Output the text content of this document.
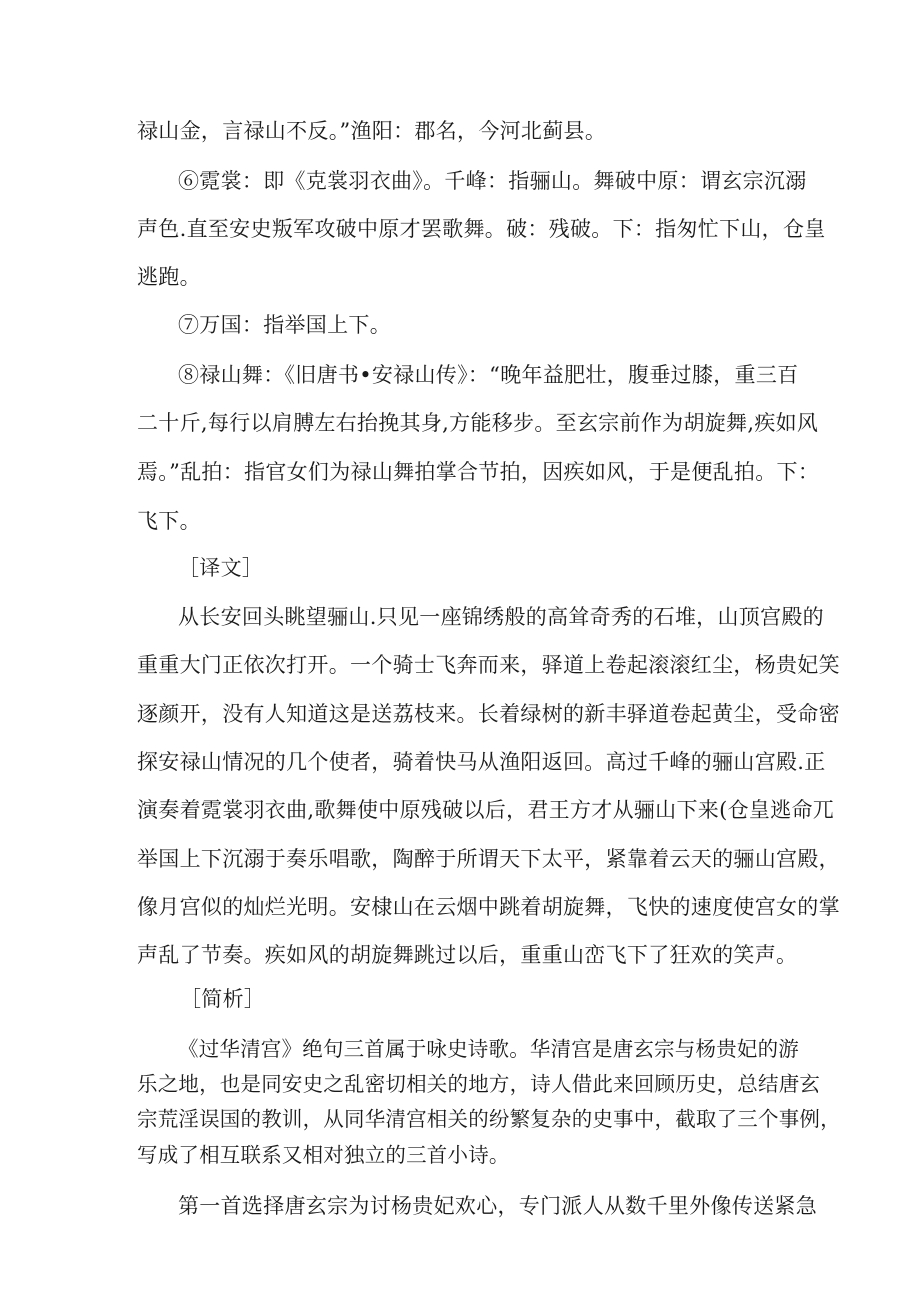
禄山金，言禄山不反。”渔阳：郡名，今河北蓟县。
⑥霓裳：即《克裳羽衣曲》。千峰：指骊山。舞破中原：谓玄宗沉溺
声色.直至安史叛军攻破中原才罢歌舞。破：残破。下：指匆忙下山，仓皇
逃跑。
⑦万国：指举国上下。
⑧禄山舞：《旧唐书•安禄山传》：“晚年益肥壮，腹垂过膝，重三百
二十斤,每行以肩膊左右抬挽其身,方能移步。至玄宗前作为胡旋舞,疾如风
焉。”乱拍：指官女们为禄山舞拍掌合节拍，因疾如风，于是便乱拍。下：
飞下。
［译文］
从长安回头眺望骊山.只见一座锦绣般的高耸奇秀的石堆，山顶宫殿的
重重大门正依次打开。一个骑士飞奔而来，驿道上卷起滚滚红尘，杨贵妃笑
逐颜开，没有人知道这是送荔枝来。长着绿树的新丰驿道卷起黄尘，受命密
探安禄山情况的几个使者，骑着快马从渔阳返回。高过千峰的骊山宫殿.正
演奏着霓裳羽衣曲,歌舞使中原残破以后，君王方才从骊山下来(仓皇逃命兀
举国上下沉溺于奏乐唱歌，陶醉于所谓天下太平，紧靠着云天的骊山宫殿，
像月宫似的灿烂光明。安棣山在云烟中跳着胡旋舞，飞快的速度使宫女的掌
声乱了节奏。疾如风的胡旋舞跳过以后，重重山峦飞下了狂欢的笑声。
［简析］
《过华清宫》绝句三首属于咏史诗歌。华清宫是唐玄宗与杨贵妃的游
乐之地，也是同安史之乱密切相关的地方，诗人借此来回顾历史，总结唐玄
宗荒淫误国的教训，从同华清宫相关的纷繁复杂的史事中，截取了三个事例，
写成了相互联系又相对独立的三首小诗。
第一首选择唐玄宗为讨杨贵妃欢心，专门派人从数千里外像传送紧急
